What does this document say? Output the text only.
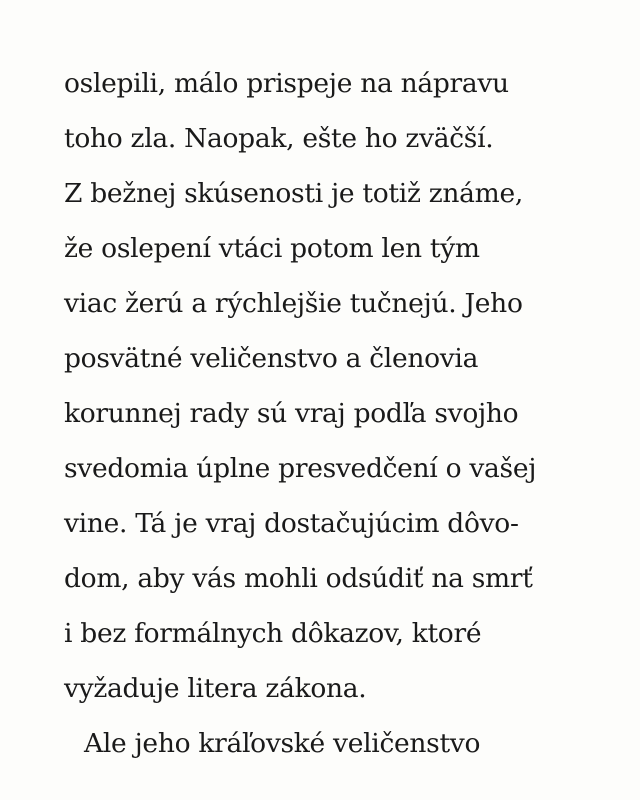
oslepili, málo prispeje na nápravu
toho zla. Naopak, ešte ho zväčší.
Z bežnej skúsenosti je totiž známe,
že oslepení vtáci potom len tým
viac žerú a rýchlejšie tučnejú. Jeho
posvätné veličenstvo a členovia
korunnej rady sú vraj podľa svojho
svedomia úplne presvedčení o vašej
vine. Tá je vraj dostačujúcim dôvo-
dom, aby vás mohli odsúdiť na smrť
i bez formálnych dôkazov, ktoré
vyžaduje litera zákona.
Ale jeho kráľovské veličenstvo
